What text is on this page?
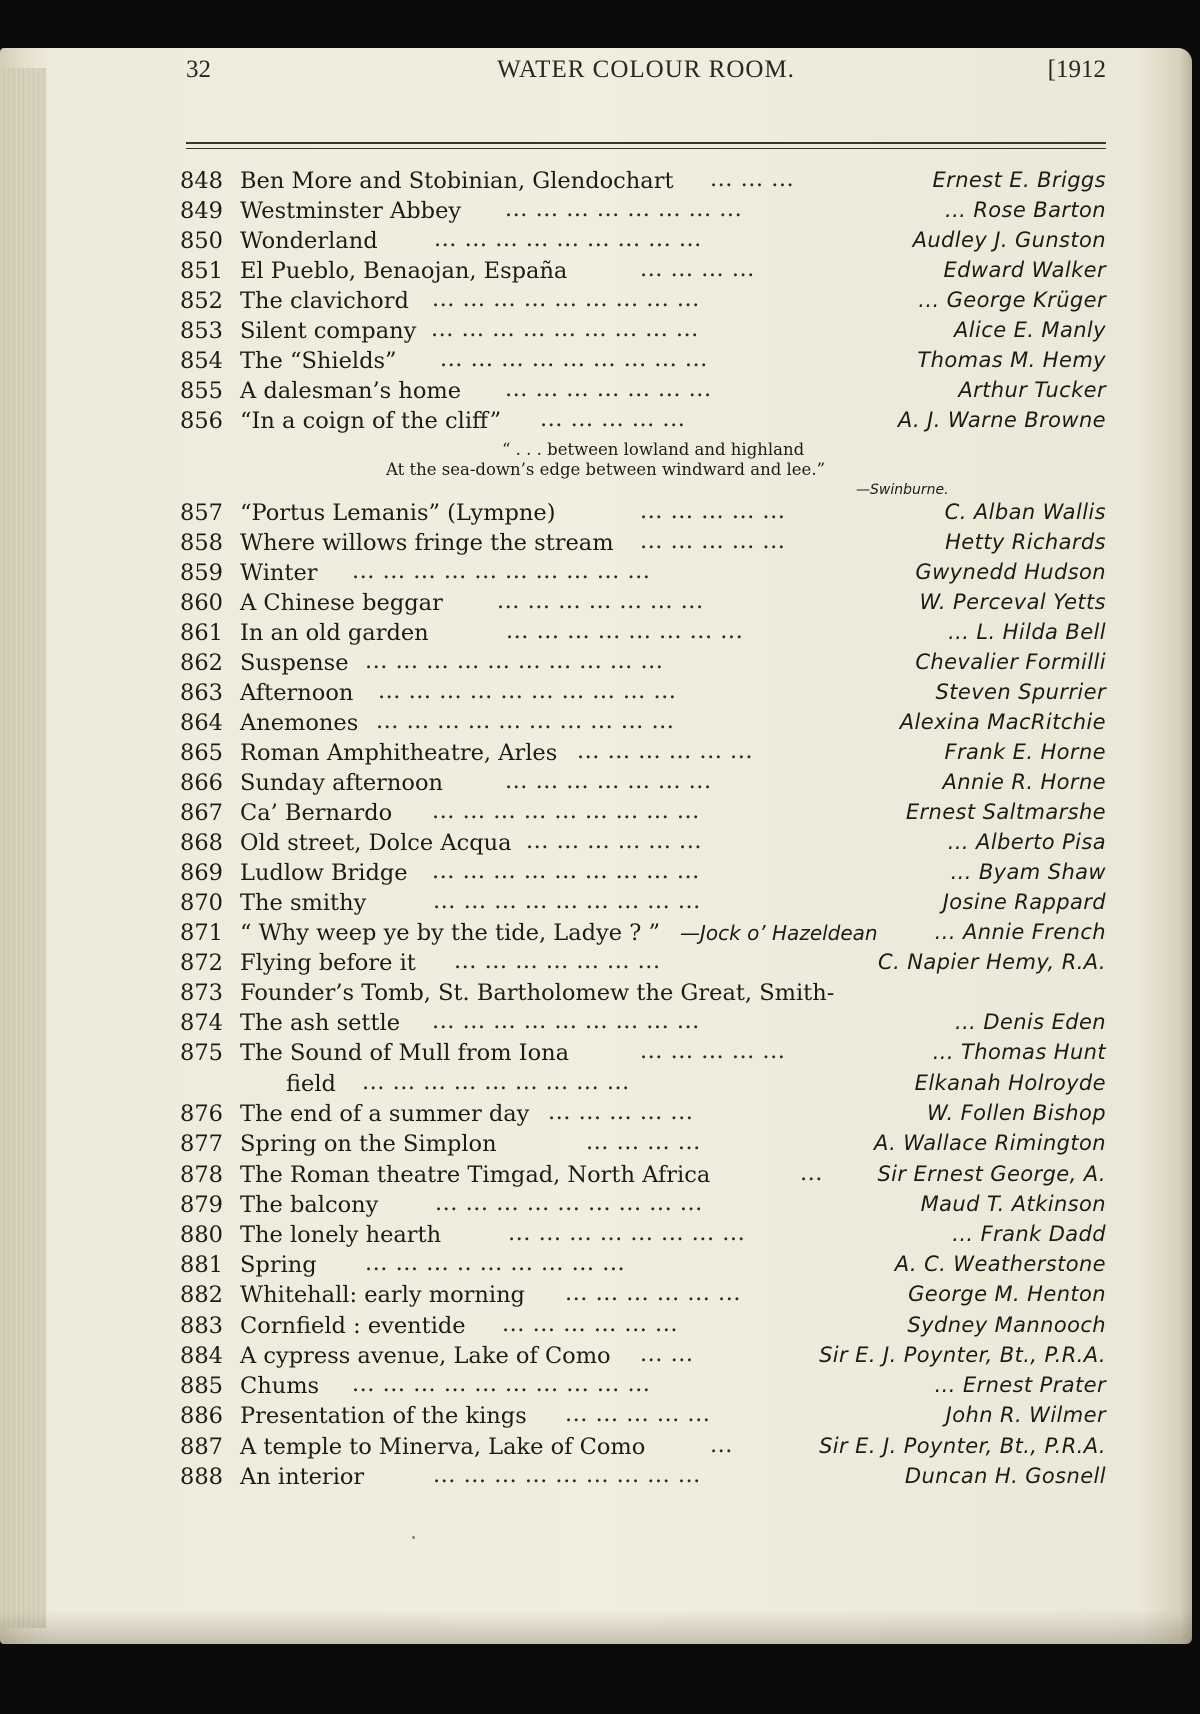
32	WATER COLOUR ROOM.	[1912
848 Ben More and Stobinian, Glendochart ... ... ...	Ernest E. Briggs
849 Westminster Abbey ... ... ... ... ... ... ... ...	... Rose Barton
850 Wonderland	... ... ... ... ... ... ... ... ...	Audley J. Gunston
851 El Pueblo, Benaojan, España	... ... ... ...	Edward Walker
852 The clavichord ... ... ... ... ... ... ... ... ...	... George Krüger
853 Silent company ... ... ... ... ... ... ... ... ...	Alice E. Manly
854 The “Shields” ... ... ... ... ... ... ... ... ...	Thomas M. Hemy
855 A dalesman’s home ... ... ... ... ... ... ...	Arthur Tucker
856 “In a coign of the cliff” ... ... ... ... ...	A. J. Warne Browne
857 “Portus Lemanis” (Lympne)	... ... ... ... ...	C. Alban Wallis
858 Where willows fringe the stream ... ... ... ... ...	Hetty Richards
859 Winter ... ... ... ... ... ... ... ... ... ...	Gwynedd Hudson
860 A Chinese beggar ... ... ... ... ... ... ...	W. Perceval Yetts
861 In an old garden	... ... ... ... ... ... ... ...	... L. Hilda Bell
862 Suspense ... ... ... ... ... ... ... ... ... ...	Chevalier Formilli
863 Afternoon ... ... ... ... ... ... ... ... ... ...	Steven Spurrier
864 Anemones ... ... ... ... ... ... ... ... ... ...	Alexina MacRitchie
865 Roman Amphitheatre, Arles ... ... ... ... ... ...	Frank E. Horne
866 Sunday afternoon	... ... ... ... ... ... ...	Annie R. Horne
867 Ca’ Bernardo ... ... ... ... ... ... ... ... ...	Ernest Saltmarshe
868 Old street, Dolce Acqua ... ... ... ... ... ...	... Alberto Pisa
869 Ludlow Bridge ... ... ... ... ... ... ... ... ...	... Byam Shaw
870 The smithy	... ... ... ... ... ... ... ... ...	Josine Rappard
871 “ Why weep ye by the tide, Ladye ? ” —Jock o’ Hazeldean	... Annie French
872 Flying before it ... ... ... ... ... ... ...	C. Napier Hemy, R.A.
873 Founder’s Tomb, St. Bartholomew the Great, Smith-
field ... ... ... ... ... ... ... ... ...	Elkanah Holroyde
874 The ash settle ... ... ... ... ... ... ... ... ...	... Denis Eden
875 The Sound of Mull from Iona	... ... ... ... ...	... Thomas Hunt
876 The end of a summer day ... ... ... ... ...	W. Follen Bishop
877 Spring on the Simplon	... ... ... ...	A. Wallace Rimington
878 The Roman theatre Timgad, North Africa	...	Sir Ernest George, A.
879 The balcony	... ... ... ... ... ... ... ... ...	Maud T. Atkinson
880 The lonely hearth	... ... ... ... ... ... ... ...	... Frank Dadd
881 Spring ... ... ... .. ... ... ... ... ...	A. C. Weatherstone
882 Whitehall: early morning ... ... ... ... ... ...	George M. Henton
883 Cornfield : eventide ... ... ... ... ... ...	Sydney Mannooch
884 A cypress avenue, Lake of Como ... ...	Sir E. J. Poynter, Bt., P.R.A.
885 Chums ... ... ... ... ... ... ... ... ... ...	... Ernest Prater
886 Presentation of the kings ... ... ... ... ...	John R. Wilmer
887 A temple to Minerva, Lake of Como	...	Sir E. J. Poynter, Bt., P.R.A.
888 An interior	... ... ... ... ... ... ... ... ...	Duncan H. Gosnell
“ . . . between lowland and highland
At the sea-down’s edge between windward and lee.”
—Swinburne.
